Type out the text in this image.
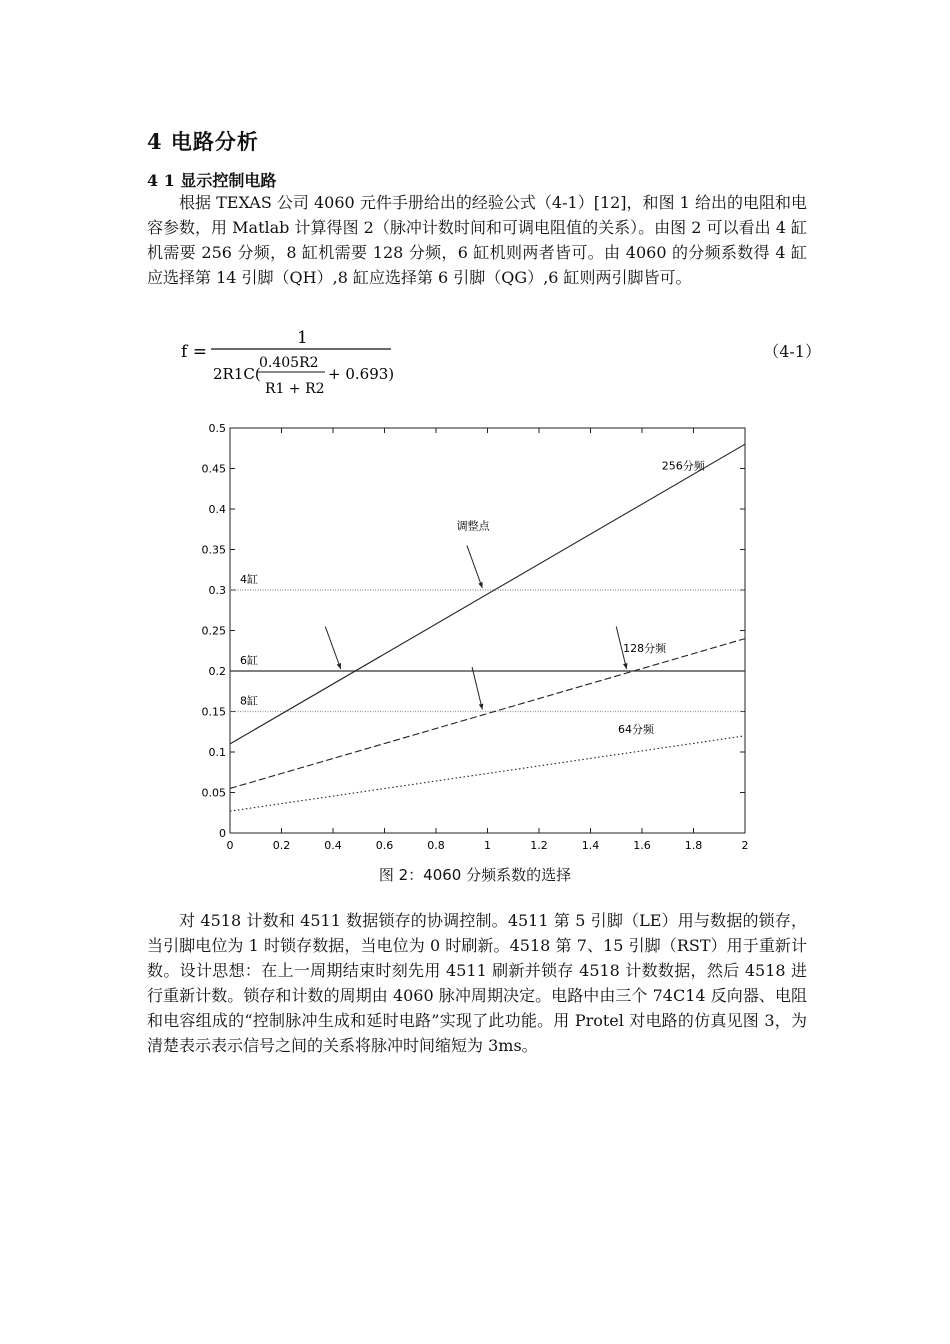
4 电路分析
4 1 显示控制电路
根据 TEXAS 公司 4060 元件手册给出的经验公式（4-1）[12]，和图 1 给出的电阻和电容参数，用 Matlab 计算得图 2（脉冲计数时间和可调电阻值的关系）。由图 2 可以看出 4 缸机需要 256 分频，8 缸机需要 128 分频，6 缸机则两者皆可。由 4060 的分频系数得 4 缸应选择第 14 引脚（QH）,8 缸应选择第 6 引脚（QG）,6 缸则两引脚皆可。
f =
1
2R1C(
0.405R2
R1 + R2
+ 0.693)
（4-1）
0	0.2	0.4	0.6	0.8	1	1.2	1.4	1.6	1.8	2
0
0.05
0.1
0.15
0.2
0.25
0.3
0.35
0.4
0.45
0.5
4缸
6缸
8缸
256分频
128分频
64分频
调整点
图 2：4060 分频系数的选择
对 4518 计数和 4511 数据锁存的协调控制。4511 第 5 引脚（LE）用与数据的锁存，当引脚电位为 1 时锁存数据，当电位为 0 时刷新。4518 第 7、15 引脚（RST）用于重新计数。设计思想：在上一周期结束时刻先用 4511 刷新并锁存 4518 计数数据，然后 4518 进行重新计数。锁存和计数的周期由 4060 脉冲周期决定。电路中由三个 74C14 反向器、电阻和电容组成的“控制脉冲生成和延时电路”实现了此功能。用 Protel 对电路的仿真见图 3，为清楚表示表示信号之间的关系将脉冲时间缩短为 3ms。
